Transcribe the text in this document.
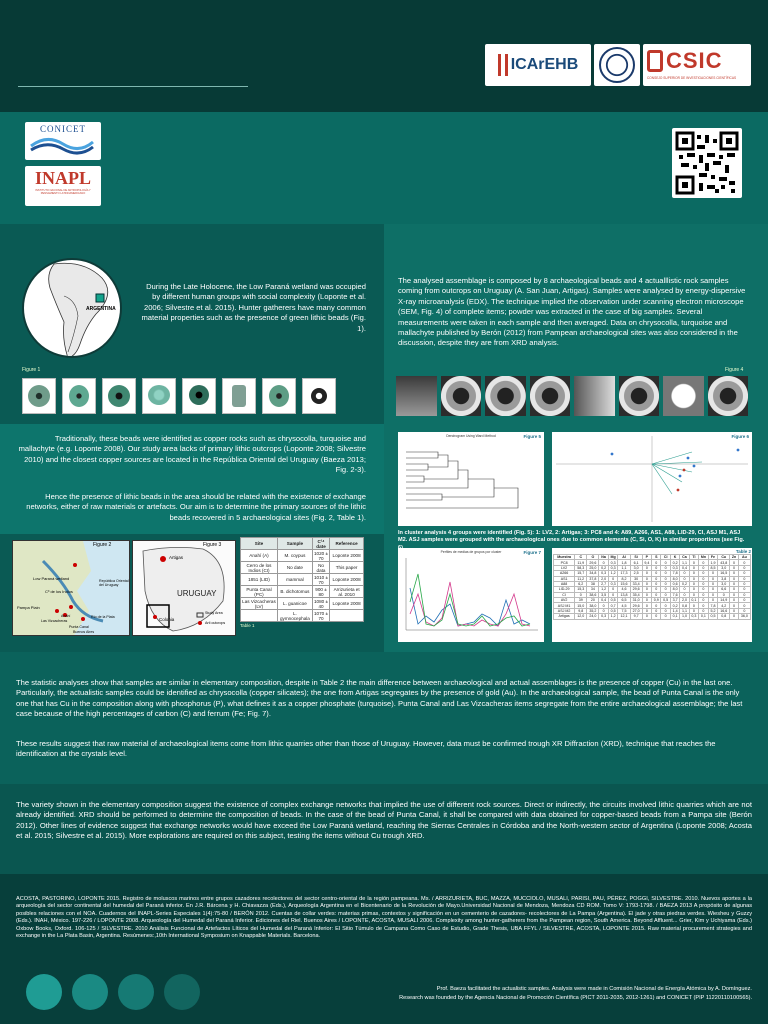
ICArEHB	CSIC
CONSEJO SUPERIOR DE INVESTIGACIONES CIENTÍFICAS
CONICET
INAPL
INSTITUTO NACIONAL DE ANTROPOLOGÍA Y PENSAMIENTO LATINOAMERICANO
ARGENTINA
During the Late Holocene, the Low Paraná wetland was occupied by different human groups with social complexity (Loponte et al. 2006; Silvestre et al. 2015). Hunter gatherers have many common material properties such as the presence of green lithic beads (Fig. 1).
Figure 1
Traditionally, these beads were identified as copper rocks such as chrysocolla, turquoise and mallachyte (e.g. Loponte 2008). Our study area lacks of primary lithic outcrops (Loponte 2008; Silvestre 2010) and the closest copper sources are located in the República Oriental del Uruguay (Baeza 2013; Fig. 2-3).
Hence the presence of lithic beads in the area should be related with the existence of exchange networks, either of raw materials or artefacts. Our aim is to determine the primary sources of the lithic beads recovered in 5 archaeological sites (Fig. 2, Table 1).
Figure 2
Low Paraná wetland
Cº de los Indios
República Oriental del Uruguay
Pampa Plain
Anahí
Las Vizcacheras
Punta Canal
Río de la Plata
Buenos Aires
Figure 3
Artigas
URUGUAY
Colonia
Study Area
Arti outcrops
Site	Sample	C¹⁴ date	Reference
Anahí (A)	M. coypus	1020 ± 70	Loponte 2008
Cerro de los Indios (CI)	No date	No data	This paper
1851 (LID)	mammal	1010 ± 70	Loponte 2008
Punta Canal (PC)	B. dichotomus	900 ± 80	Arrizurieta et al. 2010
Las Vizcacheras (LV)	L. guanicoe	1080 ± 40	Loponte 2008
	L. gymnocephala	1070 ± 70	
Table 1
The analysed assemblage is composed by 8 archaeological beads and 4 actualllistic rock samples coming from outcrops on Uruguay (A. San Juan, Artigas). Samples were analysed by energy-dispersive X-ray microanalysis (EDX). The technique implied the observation under scanning electron microscope (SEM, Fig. 4) of complete items; powder was extracted in the case of big samples. Several measurements were taken in each sample and then averaged. Data on chrysocolla, turquoise and mallachyte published by Berón (2012) from Pampean archaeological sites was also considered in the discussion, despite they are from XRD analysis.
Figure 4
Dendrogram Using Ward Method	Figure 5	Figure 6
In cluster analysis 4 groups were identified (Fig. 5): 1: LV2, 2: Artigas; 3: PC8 and 4: A89, A266, AS1, A88, LID-29, CI, ASJ M1, ASJ M2. ASJ samples were grouped with the archaeological ones due to common elements (C, Si, O, K) in similar proportions (see Fig.
Perfiles de medias de grupos por cluster	Figure 7	Table 2
Muestra	C	O	Na	Mg	Al	Si	P	S	Cl	K	Ca	Ti	Mn	Fe	Cu	Zn	Au
PC8	11,9	29,6	0	0,3	1,8	6,1	9,4	0	0	0,2	1,1	0	0	1,9	43,8	0	0
LV2	58,3	25,0	0,2	0,3	1,1	3,0	0	0	0	0,3	0,4	0	0	8,5	3,0	0	0
A266	15,7	34,8	0,3	1,2	17,3	2,5	0	0	0	7,8	0	0	0	0	16,5	0	0
AS1	11,2	37,8	2,0	0	8,2	30	0	0	0	8,0	0	0	0	0	3,8	0	0
A88	6,2	38	2,7	0,3	15,6	33,4	0	0	0	0,6	0,2	0	0	0	3,0	0	0
LID-29	15,3	34	1,2	0	4,6	29,6	0	0	0	8,0	0	0	0	0	6,6	0	0
CI	0	38,6	3,5	0	13,8	35,4	0	0	0	7,6	0	0	0	0	0	0	0
AV2	39	20	0,4	0,5	6,5	31,0	0	0,9	0,5	3,7	2,0	0,1	0	0	14,9	0	0
ASJ M1	15,0	38,0	0	0,7	4,5	29,6	0	0	0	0,2	0,8	0	0	7,8	4,2	0	0
ASJ M2	9,8	35,2	0	0,5	7,5	27,0	0	0	0	1,4	1,1	0	0	5,2	16,6	0	0
Artigas	12,0	24,0	0,3	1,2	12,1	9,7	0	0	0	0,1	1,0	0,3	0,1	0,5	0,8	0	36,0
The statistic analyses show that samples are similar in elementary composition, despite in Table 2 the main difference between archaeological and actual assemblages is the presence of copper (Cu) in the last one. Particularly, the actualistic samples could be identified as chrysocolla (copper silicates); the one from Artigas segregates by the presence of gold (Au). In the archaeological sample, the bead of Punta Canal is the only one that has Cu in the composition along with phosphorus (P), what defines it as a copper phosphate (turquoise). Punta Canal and Las Vizcacheras items segregate from the entire archaeological assemblage; the last case because of the high percentages of carbon (C) and ferrum (Fe; Fig. 7).
These results suggest that raw material of archaeological items come from lithic quarries other than those of Uruguay. However, data must be confirmed trough XR Diffraction (XRD), technique that reaches the identification at the crystals level.
The variety shown in the elementary composition suggest the existence of complex exchange networks that implied the use of different rock sources. Direct or indirectly, the circuits involved lithic quarries which are not already identified. XRD should be performed to determine the composition of beads. In the case of the bead of Punta Canal, it shall be compared with data obtained for copper-based beads from a Pampa site (Berón 2012). Other lines of evidence suggest that exchange networks would have exceed the Low Paraná wetland, reaching the Sierras Centrales in Córdoba and the North-western sector of Argentina (Loponte 2008; Acosta et al. 2015; Silvestre et al. 2015). More explorations are required on this subject, testing the items without Cu trough XRD.
ACOSTA, PASTORINO, LOPONTE 2015. Registro de moluscos marinos entre grupos cazadores recolectores del sector centro-oriental de la región pampeana. Ms. / ARRIZURIETA, BUC, MAZZA, MUCCIOLO, MUSALI, PARISI, PAU, PÉREZ, POGGI, SILVESTRE. 2010. Nuevos aportes a la arqueología del sector continental del humedal del Paraná inferior. En J.R. Bárcena y H. Chiavazza (Eds.), Arqueología Argentina en el Bicentenario de la Revolución de Mayo.Universidad Nacional de Mendoza, Mendoza CD ROM. Tomo V: 1793-1798. / BAEZA 2013 A propósito de algunas posibles relaciones con el NOA. Cuadernos del INAPL-Series Especiales 1(4):75-80 / BERÓN 2012. Cuentas de collar verdes: materias primas, contextos y significación en un cementerio de cazadores- recolectores de La Pampa (Argentina). El jade y otras piedras verdes. Wiesheu y Guzzy (Eds.). INAH, México. 197-226 / LOPONTE 2008. Arqueología del Humedal del Paraná Inferior. Ediciones del Riel. Buenos Aires / LOPONTE, ACOSTA, MUSALI 2006. Complexity among hunter-gatherers from the Pampean region, South America. Beyond Affluent... Grier, Kim y Uchiyama (Eds.) Oxbow Books, Oxford. 106-125 / SILVESTRE. 2010 Análisis Funcional de Artefactos Líticos del Humedal del Paraná Inferior: El Sitio Túmulo de Campana Como Caso de Estudio, Grade Thesis, UBA FFYL / SILVESTRE, ACOSTA, LOPONTE 2015. Raw material procurement strategies and exchange in the La Plata Basin, Argentina. Resúmenes:,10th International Symposium on Knappable Materials. Barcelona.
Prof. Baeza facilitated the actualistic samples. Analysis were made in Comisión Nacional de Energía Atómica by A. Domínguez.
Research was founded by the Agencia Nacional de Promoción Científica (PICT 2011-2035, 2012-1261) and CONICET (PIP 11220110100565).
